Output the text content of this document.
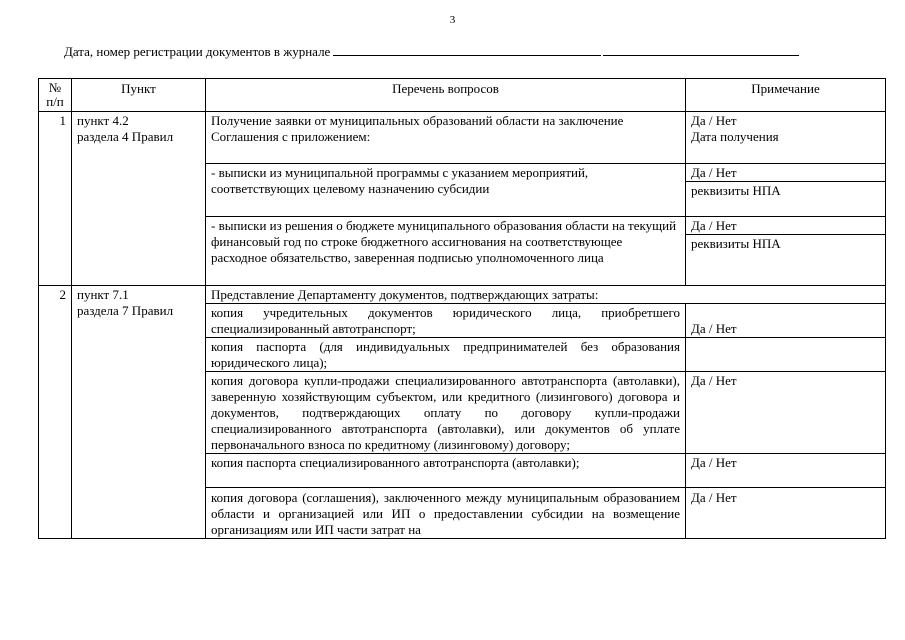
3
Дата, номер регистрации документов в журнале
№
п/п	Пункт	Перечень вопросов	Примечание
1	пункт 4.2
раздела 4 Правил	Получение заявки от муниципальных образований области на заключение Соглашения с приложением:	Да / Нет
Дата получения

		- выписки из муниципальной программы с указанием мероприятий, соответствующих целевому назначению субсидии	Да / Нет
			реквизиты НПА
		- выписки из решения о бюджете муниципального образования области на текущий финансовый год по строке бюджетного ассигнования на соответствующее расходное обязательство, заверенная подписью уполномоченного лица	Да / Нет
			реквизиты НПА
2	пункт 7.1
раздела 7 Правил	Представление Департаменту документов, подтверждающих затраты:	
		копия учредительных документов юридического лица, приобретшего специализированный автотранспорт;	Да / Нет
		копия паспорта (для индивидуальных предпринимателей без образования юридического лица);	
		копия договора купли-продажи специализированного автотранспорта (автолавки), заверенную хозяйствующим субъектом, или кредитного (лизингового) договора и документов, подтверждающих оплату по договору купли-продажи специализированного автотранспорта (автолавки), или документов об уплате первоначального взноса по кредитному (лизинговому) договору;	Да / Нет
		копия паспорта специализированного автотранспорта (автолавки);	Да / Нет
		копия договора (соглашения), заключенного между муниципальным образованием области и организацией или ИП о предоставлении субсидии на возмещение организациям или ИП части затрат на	Да / Нет
